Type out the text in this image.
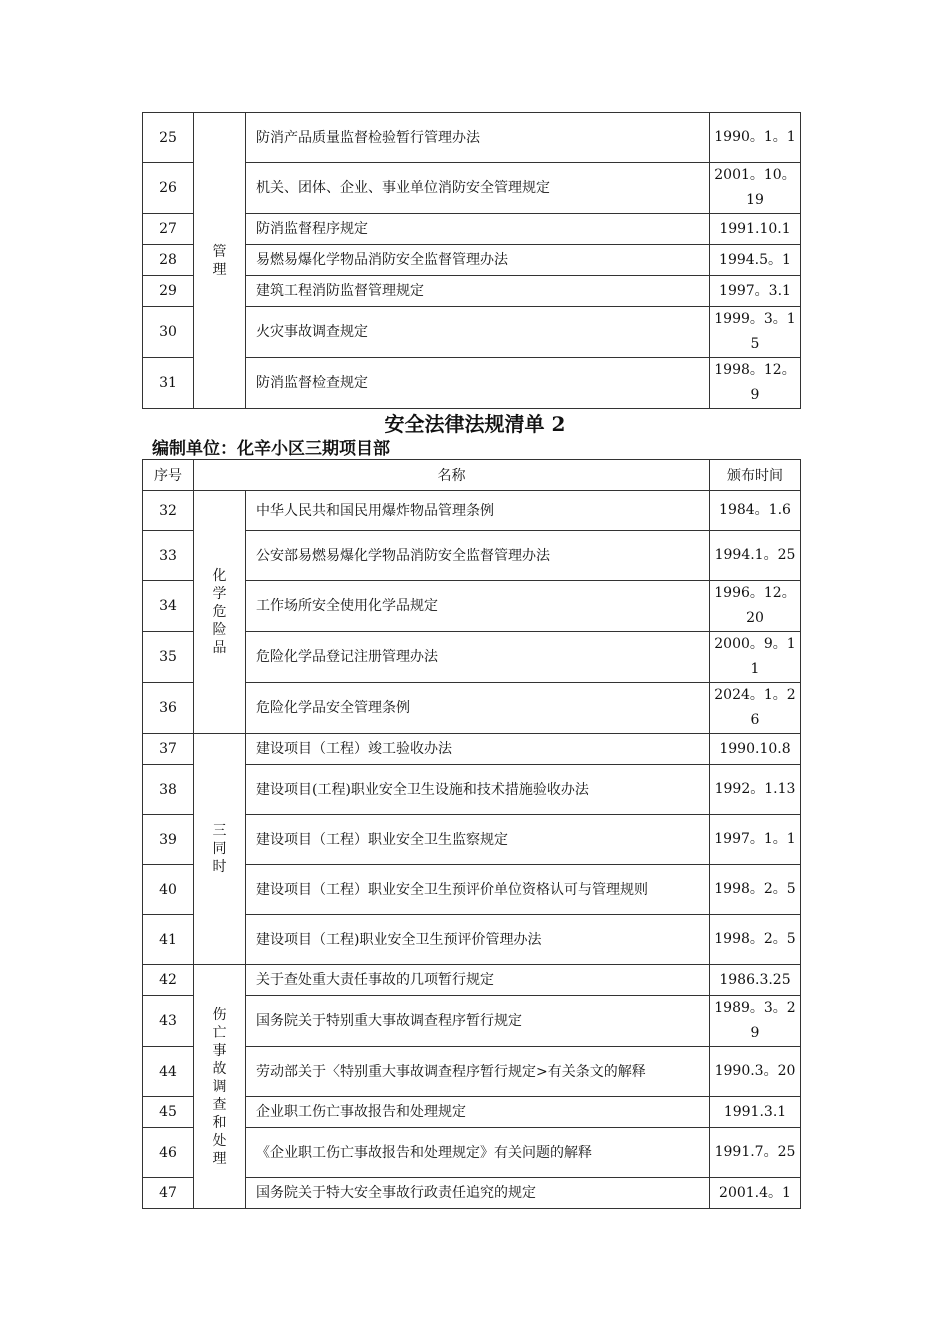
25	管理	防消产品质量监督检验暂行管理办法	1990。1。1
26		机关、团体、企业、事业单位消防安全管理规定	2001。10。19
27		防消监督程序规定	1991.10.1
28		易燃易爆化学物品消防安全监督管理办法	1994.5。1
29		建筑工程消防监督管理规定	1997。3.1
30		火灾事故调查规定	1999。3。15
31		防消监督检查规定	1998。12。9
安全法律法规清单 2
编制单位：化辛小区三期项目部
序号	名称		颁布时间
32	化学危险品	中华人民共和国民用爆炸物品管理条例	1984。1.6
33		公安部易燃易爆化学物品消防安全监督管理办法	1994.1。25
34		工作场所安全使用化学品规定	1996。12。20
35		危险化学品登记注册管理办法	2000。9。11
36		危险化学品安全管理条例	2024。1。26
37	三同时	建设项目（工程）竣工验收办法	1990.10.8
38		建设项目(工程)职业安全卫生设施和技术措施验收办法	1992。1.13
39		建设项目（工程）职业安全卫生监察规定	1997。1。1
40		建设项目（工程）职业安全卫生预评价单位资格认可与管理规则	1998。2。5
41		建设项目（工程)职业安全卫生预评价管理办法	1998。2。5
42	伤亡事故调查和处理	关于查处重大责任事故的几项暂行规定	1986.3.25
43		国务院关于特别重大事故调查程序暂行规定	1989。3。29
44		劳动部关于〈特别重大事故调查程序暂行规定>有关条文的解释	1990.3。20
45		企业职工伤亡事故报告和处理规定	1991.3.1
46		《企业职工伤亡事故报告和处理规定》有关问题的解释	1991.7。25
47		国务院关于特大安全事故行政责任追究的规定	2001.4。1
